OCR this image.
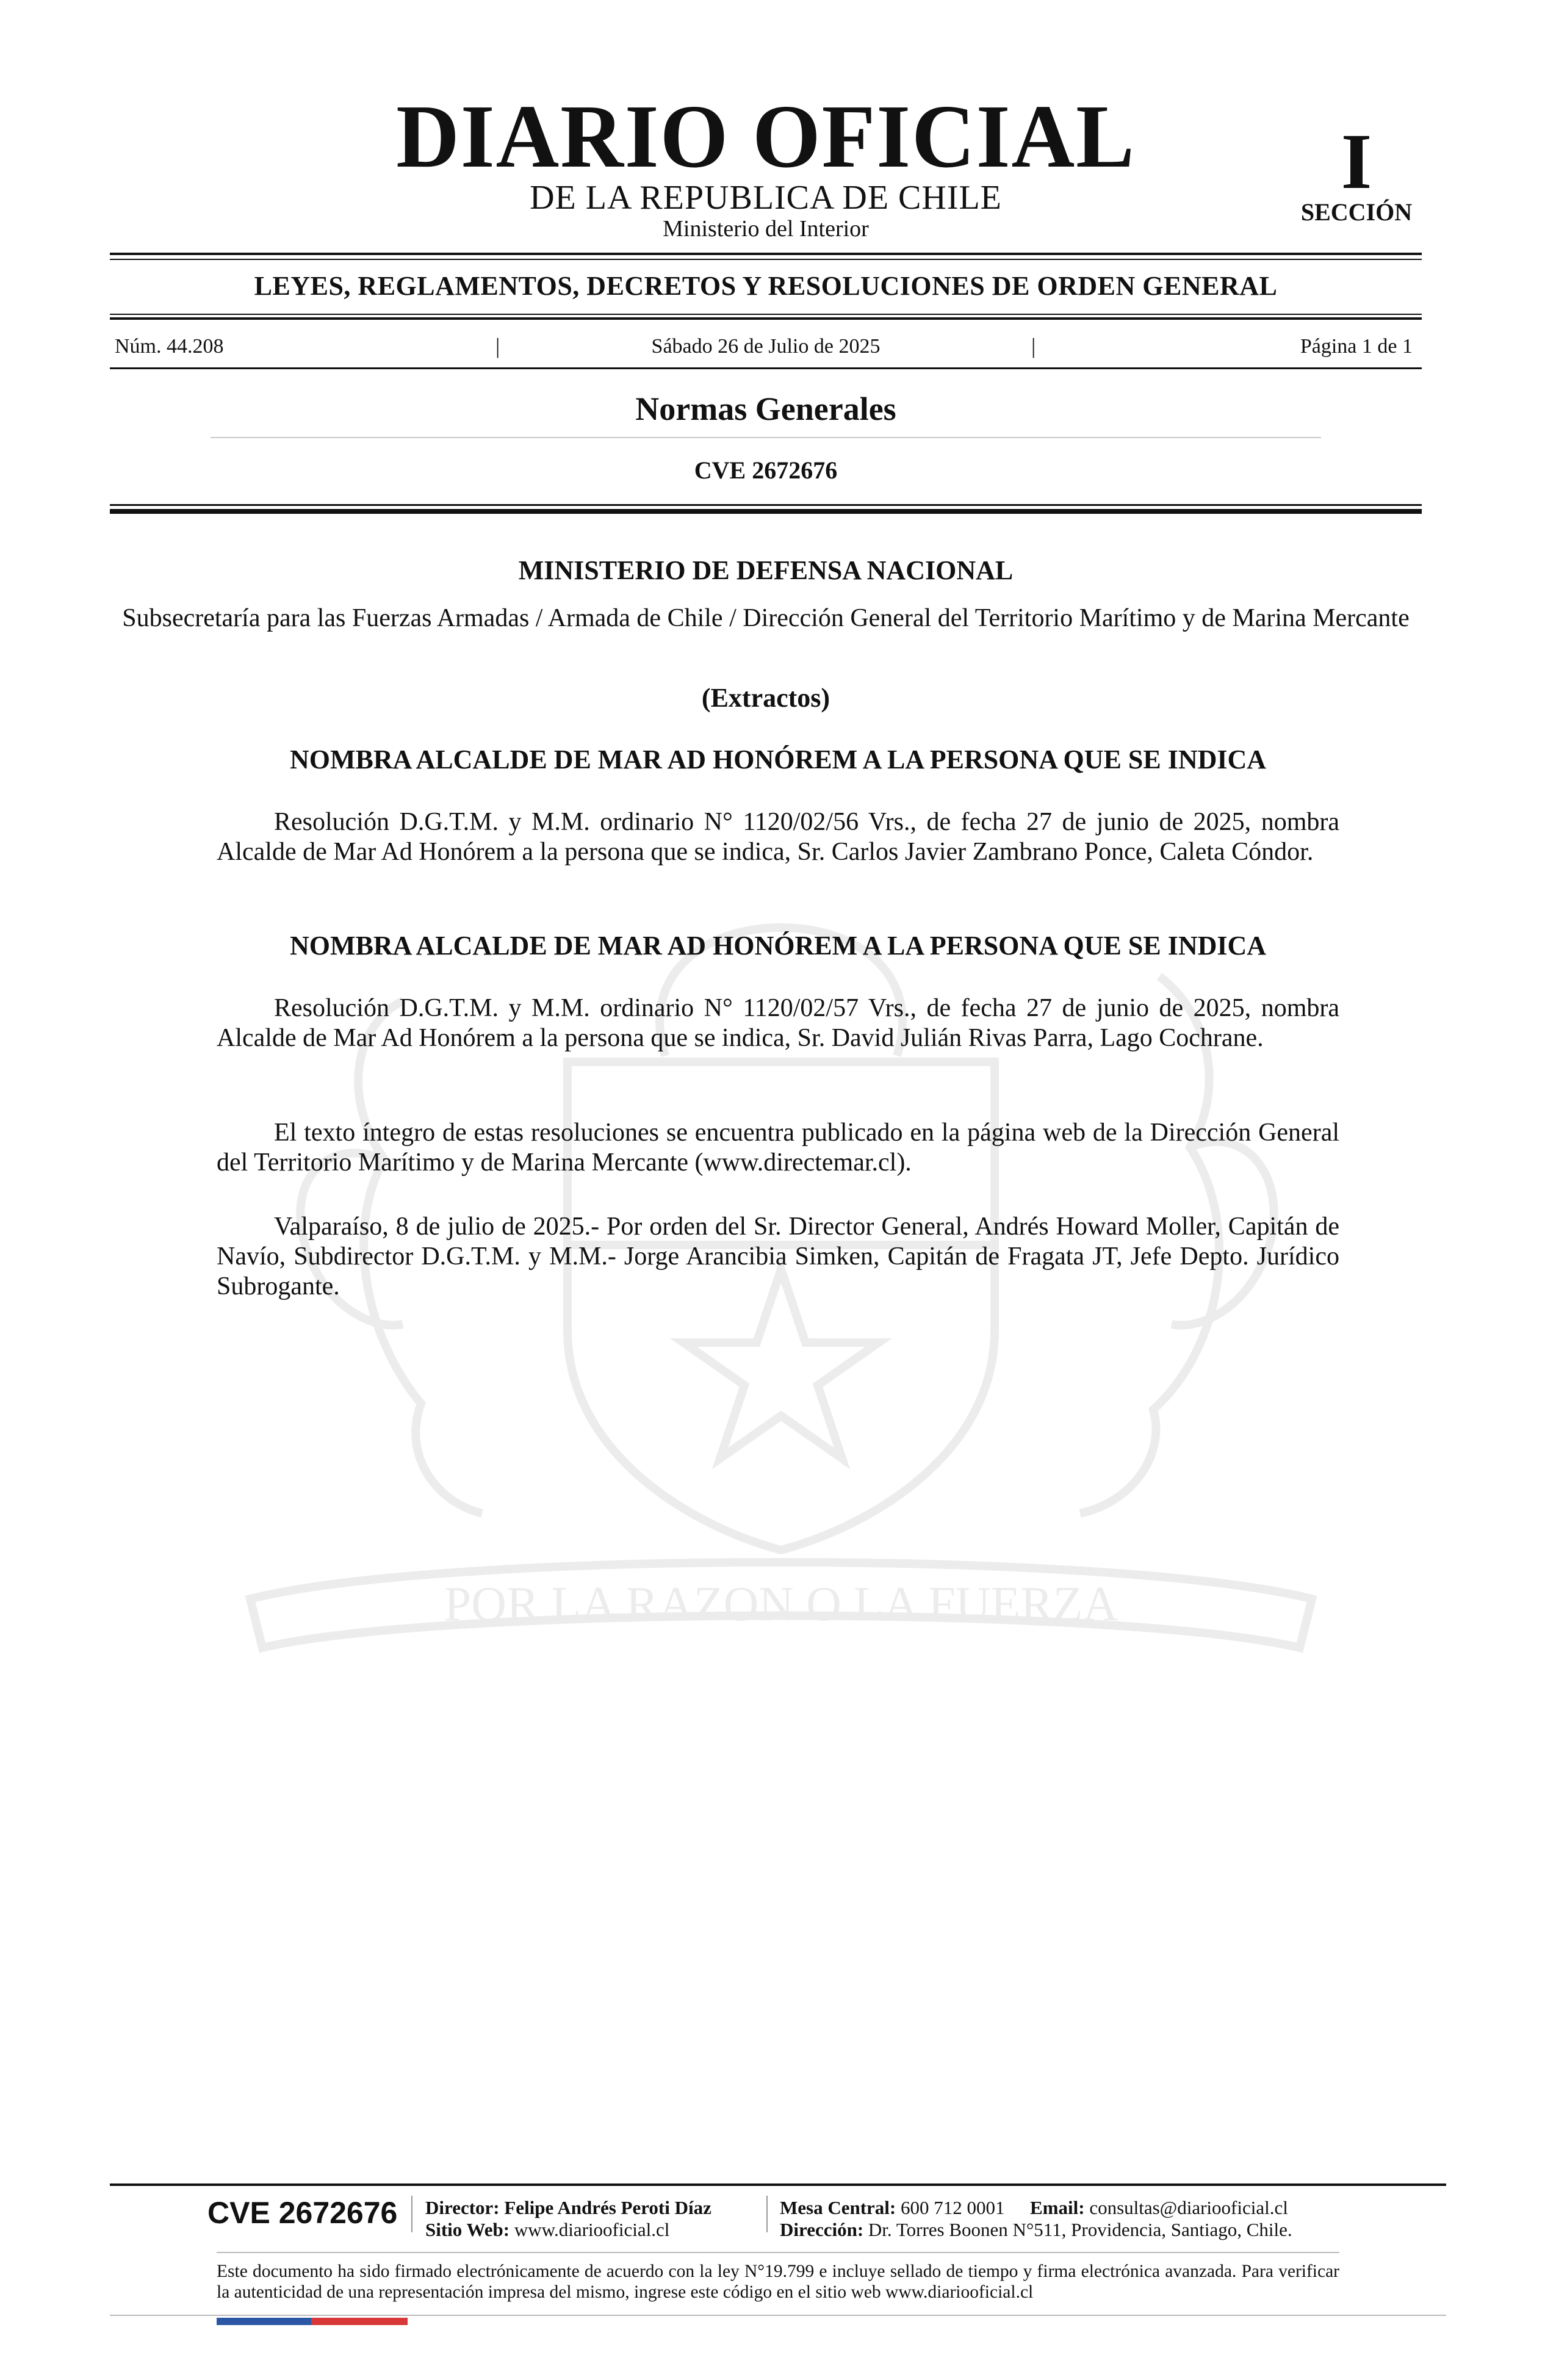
POR LA RAZON O LA FUERZA
DIARIO OFICIAL
DE LA REPUBLICA DE CHILE
Ministerio del Interior
I
SECCIÓN
LEYES, REGLAMENTOS, DECRETOS Y RESOLUCIONES DE ORDEN GENERAL
Núm. 44.208	|	Sábado 26 de Julio de 2025	|	Página 1 de 1
Normas Generales
CVE 2672676
MINISTERIO DE DEFENSA NACIONAL
Subsecretaría para las Fuerzas Armadas / Armada de Chile / Dirección General del Territorio Marítimo y de Marina Mercante
(Extractos)
NOMBRA ALCALDE DE MAR AD HONÓREM A LA PERSONA QUE SE INDICA
Resolución D.G.T.M. y M.M. ordinario N° 1120/02/56 Vrs., de fecha 27 de junio de 2025, nombra Alcalde de Mar Ad Honórem a la persona que se indica, Sr. Carlos Javier Zambrano Ponce, Caleta Cóndor.
NOMBRA ALCALDE DE MAR AD HONÓREM A LA PERSONA QUE SE INDICA
Resolución D.G.T.M. y M.M. ordinario N° 1120/02/57 Vrs., de fecha 27 de junio de 2025, nombra Alcalde de Mar Ad Honórem a la persona que se indica, Sr. David Julián Rivas Parra, Lago Cochrane.
El texto íntegro de estas resoluciones se encuentra publicado en la página web de la Dirección General del Territorio Marítimo y de Marina Mercante (www.directemar.cl).
Valparaíso, 8 de julio de 2025.- Por orden del Sr. Director General, Andrés Howard Moller, Capitán de Navío, Subdirector D.G.T.M. y M.M.- Jorge Arancibia Simken, Capitán de Fragata JT, Jefe Depto. Jurídico Subrogante.
CVE 2672676 Director: Felipe Andrés Peroti Díaz
Sitio Web: www.diariooficial.cl
Mesa Central: 600 712 0001 Email: consultas@diariooficial.cl
Dirección: Dr. Torres Boonen N°511, Providencia, Santiago, Chile.
Este documento ha sido firmado electrónicamente de acuerdo con la ley N°19.799 e incluye sellado de tiempo y firma electrónica avanzada. Para verificar la autenticidad de una representación impresa del mismo, ingrese este código en el sitio web www.diariooficial.cl
